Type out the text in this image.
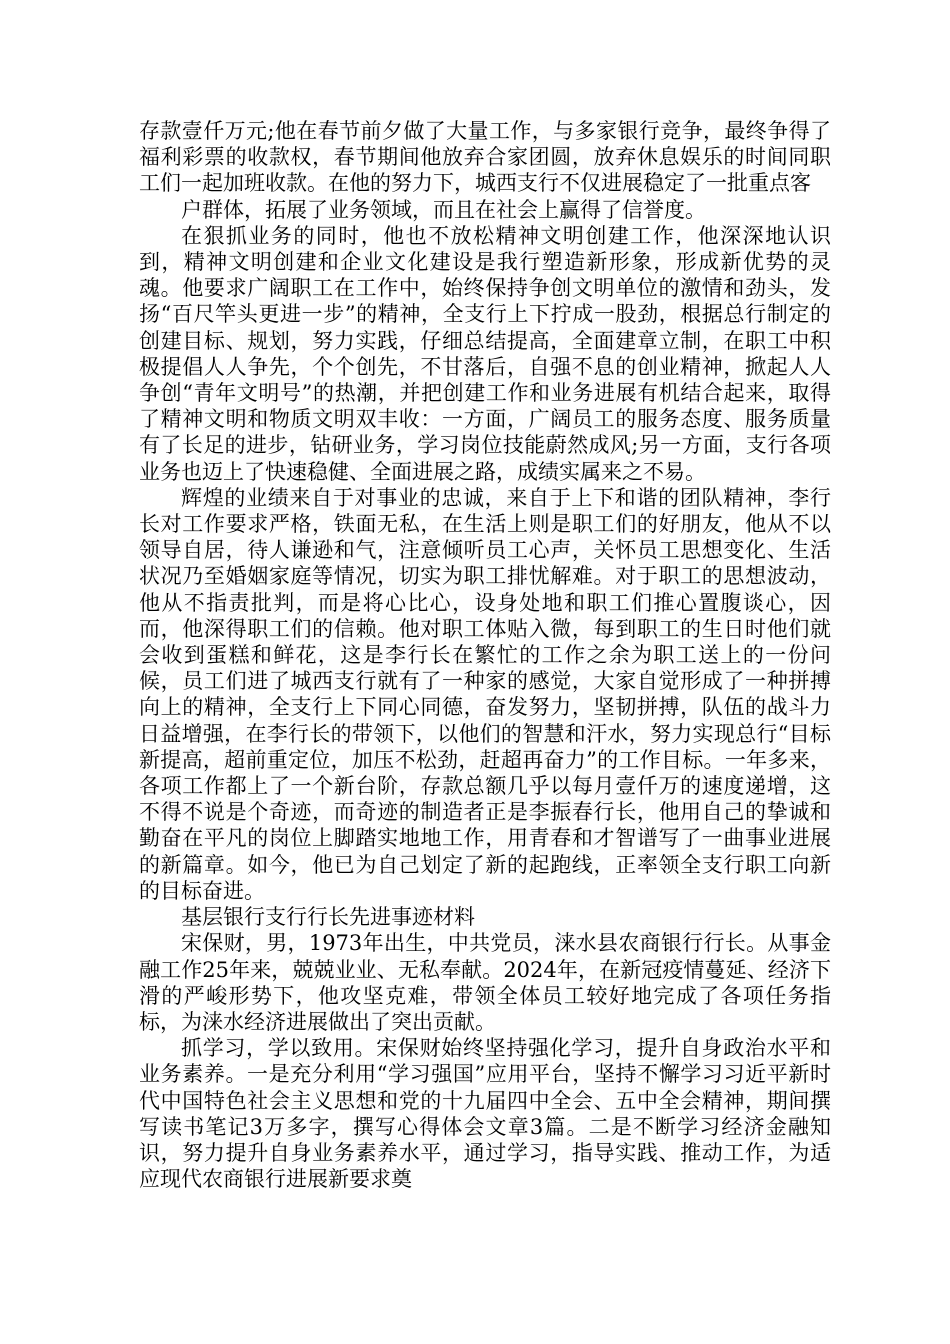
存款壹仟万元;他在春节前夕做了大量工作，与多家银行竞争，最终争得了福利彩票的收款权，春节期间他放弃合家团圆，放弃休息娱乐的时间同职工们一起加班收款。在他的努力下，城西支行不仅进展稳定了一批重点客

户群体，拓展了业务领域，而且在社会上赢得了信誉度。

在狠抓业务的同时，他也不放松精神文明创建工作，他深深地认识到，精神文明创建和企业文化建设是我行塑造新形象，形成新优势的灵魂。他要求广阔职工在工作中，始终保持争创文明单位的激情和劲头，发扬“百尺竿头更进一步”的精神，全支行上下拧成一股劲，根据总行制定的创建目标、规划，努力实践，仔细总结提高，全面建章立制，在职工中积极提倡人人争先，个个创先，不甘落后，自强不息的创业精神，掀起人人争创“青年文明号”的热潮，并把创建工作和业务进展有机结合起来，取得了精神文明和物质文明双丰收：一方面，广阔员工的服务态度、服务质量有了长足的进步，钻研业务，学习岗位技能蔚然成风;另一方面，支行各项业务也迈上了快速稳健、全面进展之路，成绩实属来之不易。

辉煌的业绩来自于对事业的忠诚，来自于上下和谐的团队精神，李行长对工作要求严格，铁面无私，在生活上则是职工们的好朋友，他从不以领导自居，待人谦逊和气，注意倾听员工心声，关怀员工思想变化、生活状况乃至婚姻家庭等情况，切实为职工排忧解难。对于职工的思想波动，他从不指责批判，而是将心比心，设身处地和职工们推心置腹谈心，因而，他深得职工们的信赖。他对职工体贴入微，每到职工的生日时他们就会收到蛋糕和鲜花，这是李行长在繁忙的工作之余为职工送上的一份问候，员工们进了城西支行就有了一种家的感觉，大家自觉形成了一种拼搏向上的精神，全支行上下同心同德，奋发努力，坚韧拼搏，队伍的战斗力日益增强，在李行长的带领下，以他们的智慧和汗水，努力实现总行“目标新提高，超前重定位，加压不松劲，赶超再奋力”的工作目标。一年多来，各项工作都上了一个新台阶，存款总额几乎以每月壹仟万的速度递增，这不得不说是个奇迹，而奇迹的制造者正是李振春行长，他用自己的挚诚和勤奋在平凡的岗位上脚踏实地地工作，用青春和才智谱写了一曲事业进展的新篇章。如今，他已为自己划定了新的起跑线，正率领全支行职工向新的目标奋进。

基层银行支行行长先进事迹材料

宋保财，男，1973年出生，中共党员，涞水县农商银行行长。从事金融工作25年来，兢兢业业、无私奉献。2024年，在新冠疫情蔓延、经济下滑的严峻形势下，他攻坚克难，带领全体员工较好地完成了各项任务指标，为涞水经济进展做出了突出贡献。

抓学习，学以致用。宋保财始终坚持强化学习，提升自身政治水平和业务素养。一是充分利用“学习强国”应用平台，坚持不懈学习习近平新时代中国特色社会主义思想和党的十九届四中全会、五中全会精神，期间撰写读书笔记3万多字，撰写心得体会文章3篇。二是不断学习经济金融知识，努力提升自身业务素养水平，通过学习，指导实践、推动工作，为适应现代农商银行进展新要求奠
